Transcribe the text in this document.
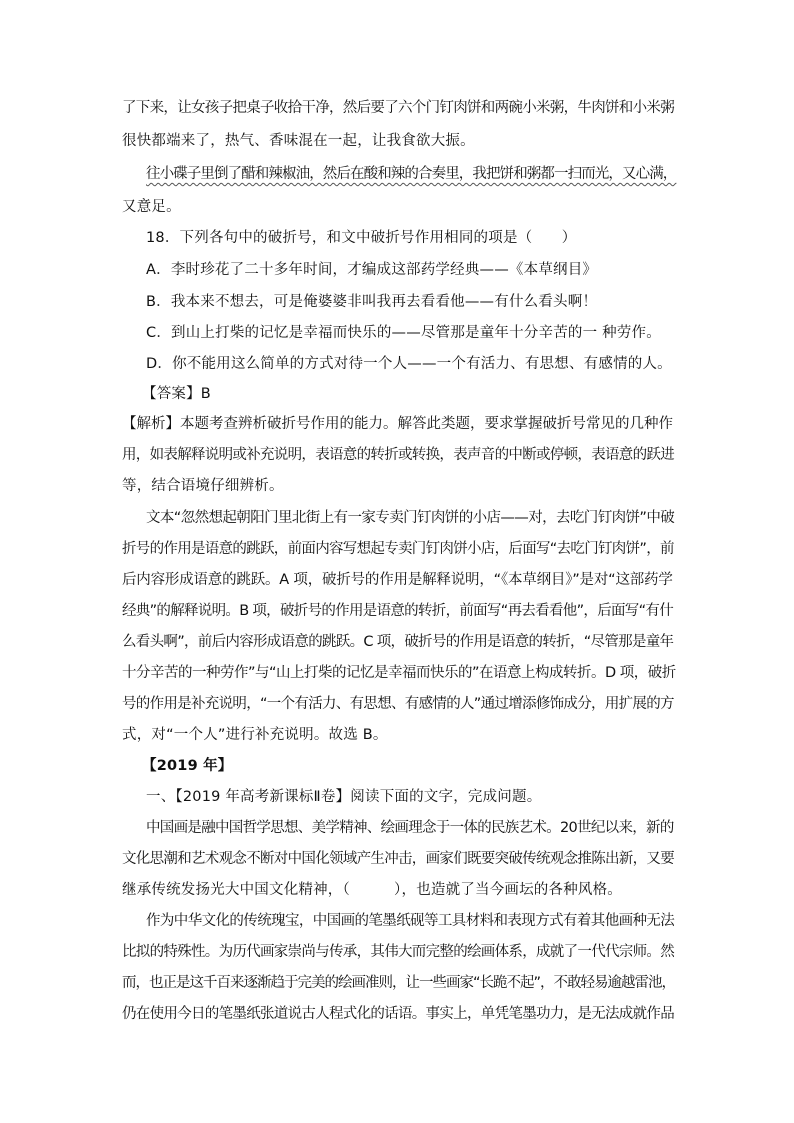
了下来，让女孩子把桌子收拾干净，然后要了六个门钉肉饼和两碗小米粥，牛肉饼和小米粥
很快都端来了，热气、香味混在一起，让我食欲大振。
往小碟子里倒了醋和辣椒油，然后在酸和辣的合奏里，我把饼和粥都一扫而光，又心满，
又意足。
18．下列各句中的破折号，和文中破折号作用相同的项是（　　）
A．李时珍花了二十多年时间，才编成这部药学经典——《本草纲目》
B．我本来不想去，可是俺婆婆非叫我再去看看他——有什么看头啊！
C．到山上打柴的记忆是幸福而快乐的——尽管那是童年十分辛苦的一 种劳作。
D．你不能用这么简单的方式对待一个人——一个有活力、有思想、有感情的人。
【答案】B
【解析】本题考查辨析破折号作用的能力。解答此类题，要求掌握破折号常见的几种作
用，如表解释说明或补充说明，表语意的转折或转换，表声音的中断或停顿，表语意的跃进
等，结合语境仔细辨析。
文本“忽然想起朝阳门里北街上有一家专卖门钉肉饼的小店——对，去吃门钉肉饼”中破
折号的作用是语意的跳跃，前面内容写想起专卖门钉肉饼小店，后面写“去吃门钉肉饼”，前
后内容形成语意的跳跃。A 项，破折号的作用是解释说明，“《本草纲目》”是对“这部药学
经典”的解释说明。B 项，破折号的作用是语意的转折，前面写“再去看看他”，后面写“有什
么看头啊”，前后内容形成语意的跳跃。C 项，破折号的作用是语意的转折，“尽管那是童年
十分辛苦的一种劳作”与“山上打柴的记忆是幸福而快乐的”在语意上构成转折。D 项，破折
号的作用是补充说明，“一个有活力、有思想、有感情的人”通过增添修饰成分，用扩展的方
式，对“一个人”进行补充说明。故选 B。
【2019 年】
一、【2019 年高考新课标Ⅱ卷】阅读下面的文字，完成问题。
中国画是融中国哲学思想、美学精神、绘画理念于一体的民族艺术。20世纪以来，新的
文化思潮和艺术观念不断对中国化领域产生冲击，画家们既要突破传统观念推陈出新，又要
继承传统发扬光大中国文化精神，（　　　），也造就了当今画坛的各种风格。
作为中华文化的传统瑰宝，中国画的笔墨纸砚等工具材料和表现方式有着其他画种无法
比拟的特殊性。为历代画家崇尚与传承，其伟大而完整的绘画体系，成就了一代代宗师。然
而，也正是这千百来逐渐趋于完美的绘画准则，让一些画家“长跪不起”，不敢轻易逾越雷池，
仍在使用今日的笔墨纸张道说古人程式化的话语。事实上，单凭笔墨功力，是无法成就作品
